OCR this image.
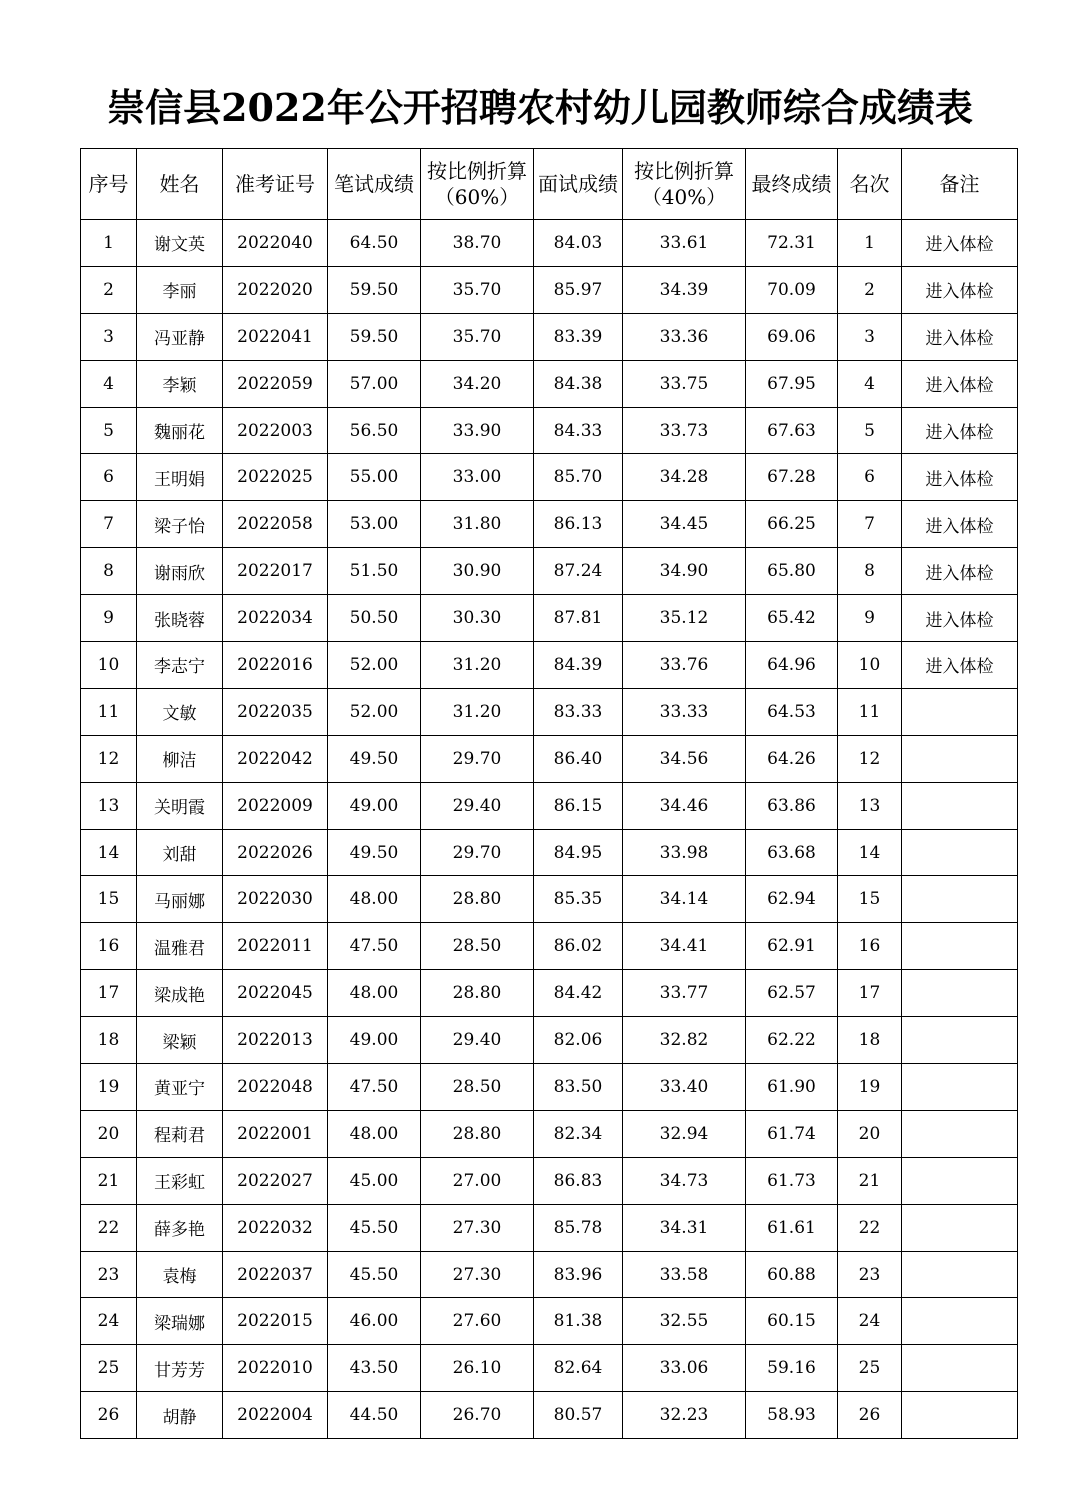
崇信县2022年公开招聘农村幼儿园教师综合成绩表
序号	姓名	准考证号	笔试成绩	按比例折算（60%）	面试成绩	按比例折算（40%）	最终成绩	名次	备注
1	谢文英	2022040	64.50	38.70	84.03	33.61	72.31	1	进入体检
2	李丽	2022020	59.50	35.70	85.97	34.39	70.09	2	进入体检
3	冯亚静	2022041	59.50	35.70	83.39	33.36	69.06	3	进入体检
4	李颖	2022059	57.00	34.20	84.38	33.75	67.95	4	进入体检
5	魏丽花	2022003	56.50	33.90	84.33	33.73	67.63	5	进入体检
6	王明娟	2022025	55.00	33.00	85.70	34.28	67.28	6	进入体检
7	梁子怡	2022058	53.00	31.80	86.13	34.45	66.25	7	进入体检
8	谢雨欣	2022017	51.50	30.90	87.24	34.90	65.80	8	进入体检
9	张晓蓉	2022034	50.50	30.30	87.81	35.12	65.42	9	进入体检
10	李志宁	2022016	52.00	31.20	84.39	33.76	64.96	10	进入体检
11	文敏	2022035	52.00	31.20	83.33	33.33	64.53	11	
12	柳洁	2022042	49.50	29.70	86.40	34.56	64.26	12	
13	关明霞	2022009	49.00	29.40	86.15	34.46	63.86	13	
14	刘甜	2022026	49.50	29.70	84.95	33.98	63.68	14	
15	马丽娜	2022030	48.00	28.80	85.35	34.14	62.94	15	
16	温雅君	2022011	47.50	28.50	86.02	34.41	62.91	16	
17	梁成艳	2022045	48.00	28.80	84.42	33.77	62.57	17	
18	梁颖	2022013	49.00	29.40	82.06	32.82	62.22	18	
19	黄亚宁	2022048	47.50	28.50	83.50	33.40	61.90	19	
20	程莉君	2022001	48.00	28.80	82.34	32.94	61.74	20	
21	王彩虹	2022027	45.00	27.00	86.83	34.73	61.73	21	
22	薛多艳	2022032	45.50	27.30	85.78	34.31	61.61	22	
23	袁梅	2022037	45.50	27.30	83.96	33.58	60.88	23	
24	梁瑞娜	2022015	46.00	27.60	81.38	32.55	60.15	24	
25	甘芳芳	2022010	43.50	26.10	82.64	33.06	59.16	25	
26	胡静	2022004	44.50	26.70	80.57	32.23	58.93	26	
